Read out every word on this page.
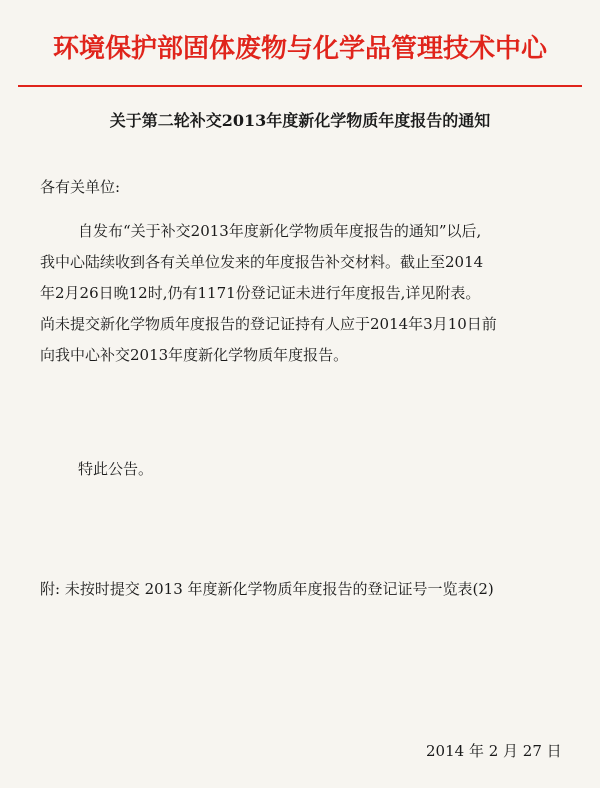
环境保护部固体废物与化学品管理技术中心
关于第二轮补交2013年度新化学物质年度报告的通知
各有关单位:
自发布“关于补交2013年度新化学物质年度报告的通知”以后,
我中心陆续收到各有关单位发来的年度报告补交材料。截止至2014
年2月26日晚12时,仍有1171份登记证未进行年度报告,详见附表。
尚未提交新化学物质年度报告的登记证持有人应于2014年3月10日前
向我中心补交2013年度新化学物质年度报告。
特此公告。
附: 未按时提交 2013 年度新化学物质年度报告的登记证号一览表(2)
2014 年 2 月 27 日
